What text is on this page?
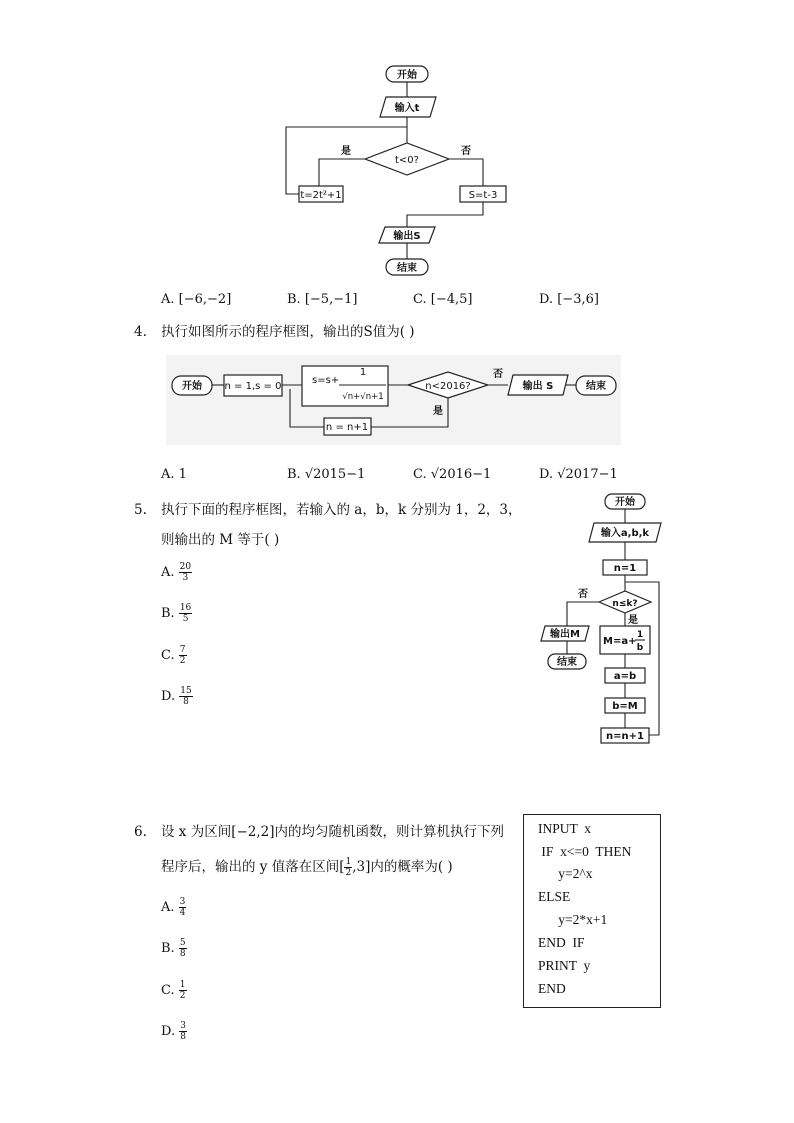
开始
输入t
t<0?
是	否
t=2t²+1	S=t-3
输出S
结束
A. [−6,−2]	B. [−5,−1]	C. [−4,5]	D. [−3,6]
4. 执行如图所示的程序框图，输出的S值为( )
开始 n = 1,s = 0
s=s+
1
√n+√n+1
n<2016?
否
是
输出 S	结束
n = n+1
A. 1	B. √2015−1	C. √2016−1	D. √2017−1
5. 执行下面的程序框图，若输入的 a，b，k 分别为 1，2，3，
则输出的 M 等于( )
A. $\frac{20}{3}$
B. $\frac{16}{5}$
C. $\frac{7}{2}$
D. $\frac{15}{8}$
开始
输入a,b,k
n=1
n≤k?
否
是
输出M
结束
M=a+
1
b
a=b
b=M
n=n+1
6. 设 x 为区间[−2,2]内的均匀随机函数，则计算机执行下列
程序后，输出的 y 值落在区间[ $\frac{1}{2} ,3$]内的概率为( )
A. $\frac{3}{4}$
B. $\frac{5}{8}$
C. $\frac{1}{2}$
D. $\frac{3}{8}$
INPUT  x
IF  x<=0  THEN
y=2^x
ELSE
y=2*x+1
END  IF
PRINT  y
END
